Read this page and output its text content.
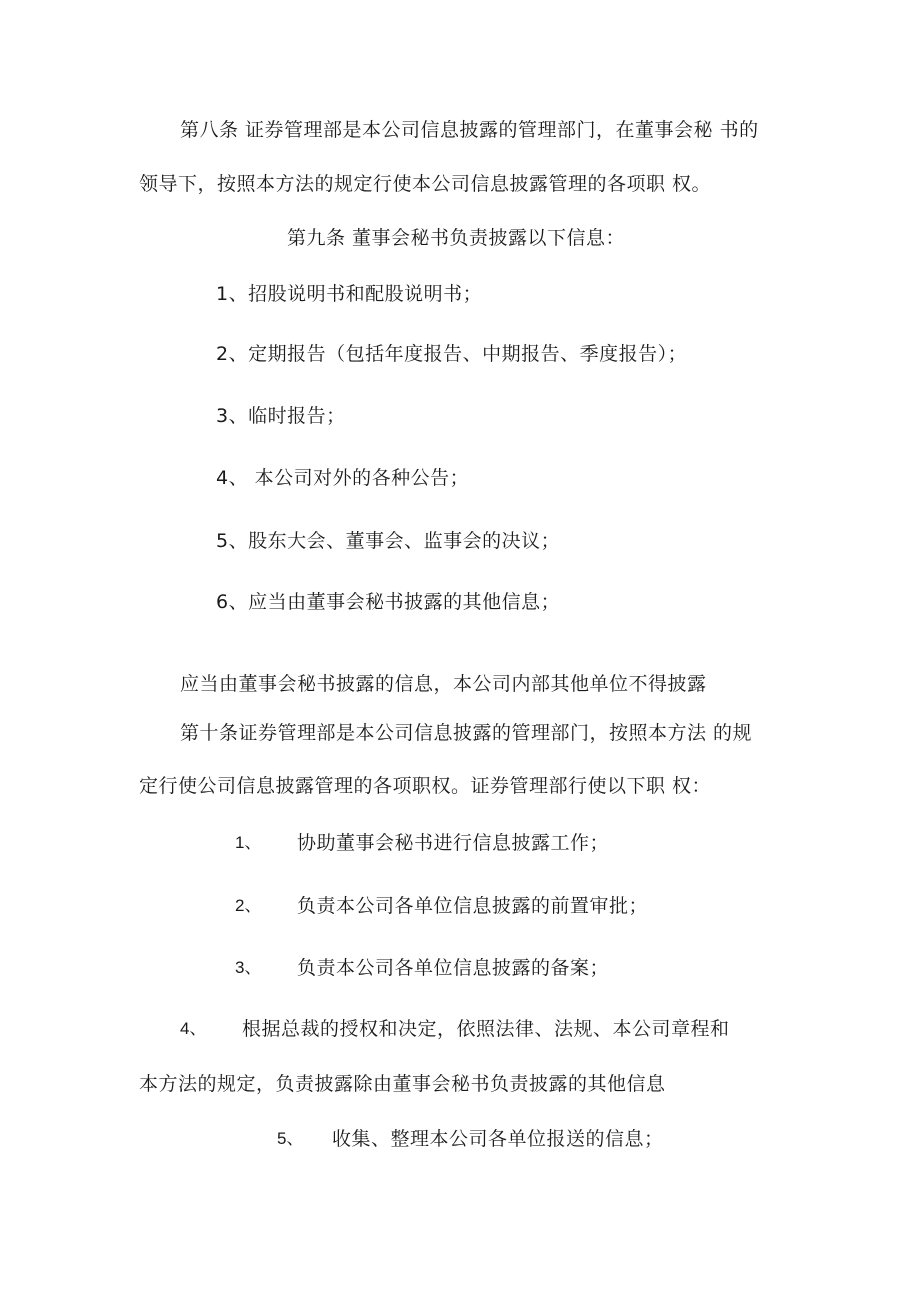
第八条 证券管理部是本公司信息披露的管理部门，在董事会秘 书的

领导下，按照本方法的规定行使本公司信息披露管理的各项职 权。

第九条 董事会秘书负责披露以下信息：

1、招股说明书和配股说明书；

2、定期报告（包括年度报告、中期报告、季度报告）；

3、临时报告；

4、 本公司对外的各种公告；

5、股东大会、董事会、监事会的决议；

6、应当由董事会秘书披露的其他信息；

应当由董事会秘书披露的信息，本公司内部其他单位不得披露

第十条证券管理部是本公司信息披露的管理部门，按照本方法 的规

定行使公司信息披露管理的各项职权。证券管理部行使以下职 权：

1、 协助董事会秘书进行信息披露工作；

2、 负责本公司各单位信息披露的前置审批；

3、 负责本公司各单位信息披露的备案；

4、 根据总裁的授权和决定，依照法律、法规、本公司章程和

本方法的规定，负责披露除由董事会秘书负责披露的其他信息

5、 收集、整理本公司各单位报送的信息；
